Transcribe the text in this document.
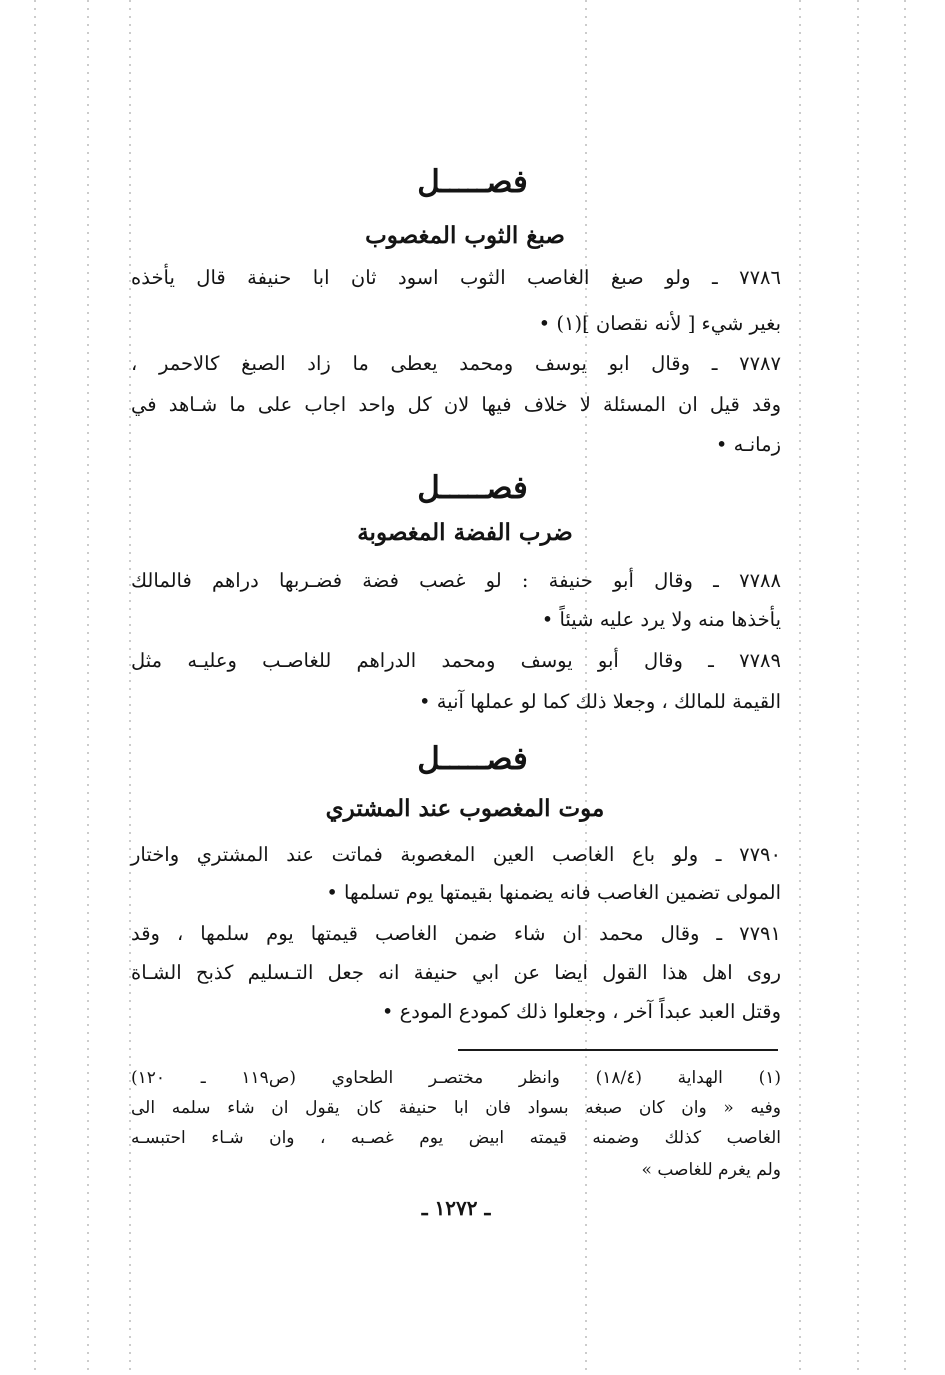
فصـــــل
صبغ الثوب المغصوب
٧٧٨٦ ـ ولو صبغ الغاصب الثوب اسود ثان ابا حنيفة قال يأخذه
بغير شيء [ لأنه نقصان ](١) •
٧٧٨٧ ـ وقال ابو يوسف ومحمد يعطى ما زاد الصبغ كالاحمر ،
وقد قيل ان المسئلة لا خلاف فيها لان كل واحد اجاب على ما شـاهد في
زمانـه •
فصـــــل
ضرب الفضة المغصوبة
٧٧٨٨ ـ وقال أبو حنيفة : لو غصب فضة فضـربها دراهم فالمالك
يأخذها منه ولا يرد عليه شيئاً •
٧٧٨٩ ـ وقال أبو يوسف ومحمد الدراهم للغاصـب وعليـه مثل
القيمة للمالك ، وجعلا ذلك كما لو عملها آنية •
فصـــــل
موت المغصوب عند المشتري
٧٧٩٠ ـ ولو باع الغاصب العين المغصوبة فماتت عند المشتري واختار
المولى تضمين الغاصب فانه يضمنها بقيمتها يوم تسلمها •
٧٧٩١ ـ وقال محمد ان شاء ضمن الغاصب قيمتها يوم سلمها ، وقد
روى اهل هذا القول ايضا عن ابي حنيفة انه جعل التـسليم كذبح الشـاة
وقتل العبد عبداً آخر ، وجعلوا ذلك كمودع المودع •
(١) الهداية (١٨/٤) وانظر مختصـر الطحاوي (ص١١٩ ـ ١٢٠)
وفيه « وان كان صبغه بسواد فان ابا حنيفة كان يقول ان شاء سلمه الى
الغاصب كذلك وضمنه قيمته ابيض يوم غصـبه ، وان شـاء احتبسـه
ولم يغرم للغاصب »
ـ ١٢٧٢ ـ
